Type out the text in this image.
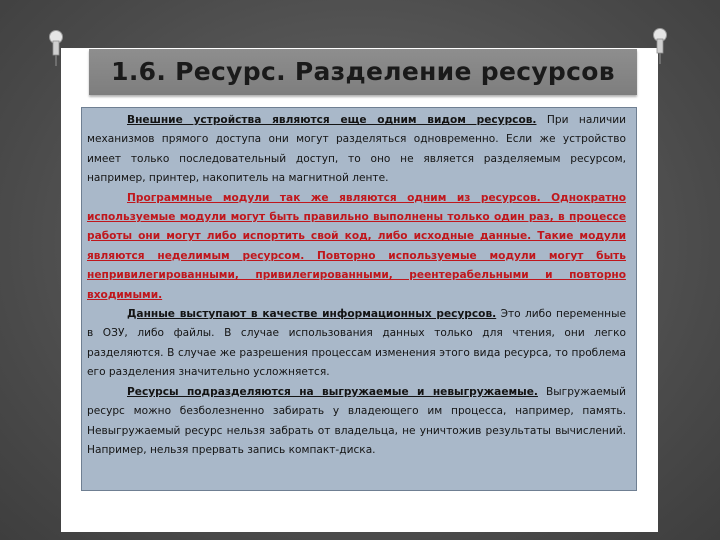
1.6. Ресурс. Разделение ресурсов

Внешние устройства являются еще одним видом ресурсов. При наличии механизмов прямого доступа они могут разделяться одновременно. Если же устройство имеет только последовательный доступ, то оно не является разделяемым ресурсом, например, принтер, накопитель на магнитной ленте.

Программные модули так же являются одним из ресурсов. Однократно используемые модули могут быть правильно выполнены только один раз, в процессе работы они могут либо испортить свой код, либо исходные данные. Такие модули являются неделимым ресурсом. Повторно используемые модули могут быть непривилегированными, привилегированными, реентерабельными и повторно входимыми.

Данные выступают в качестве информационных ресурсов. Это либо переменные в ОЗУ, либо файлы. В случае использования данных только для чтения, они легко разделяются. В случае же разрешения процессам изменения этого вида ресурса, то проблема его разделения значительно усложняется.

Ресурсы подразделяются на выгружаемые и невыгружаемые. Выгружаемый ресурс можно безболезненно забирать у владеющего им процесса, например, память. Невыгружаемый ресурс нельзя забрать от владельца, не уничтожив результаты вычислений. Например, нельзя прервать запись компакт-диска.
